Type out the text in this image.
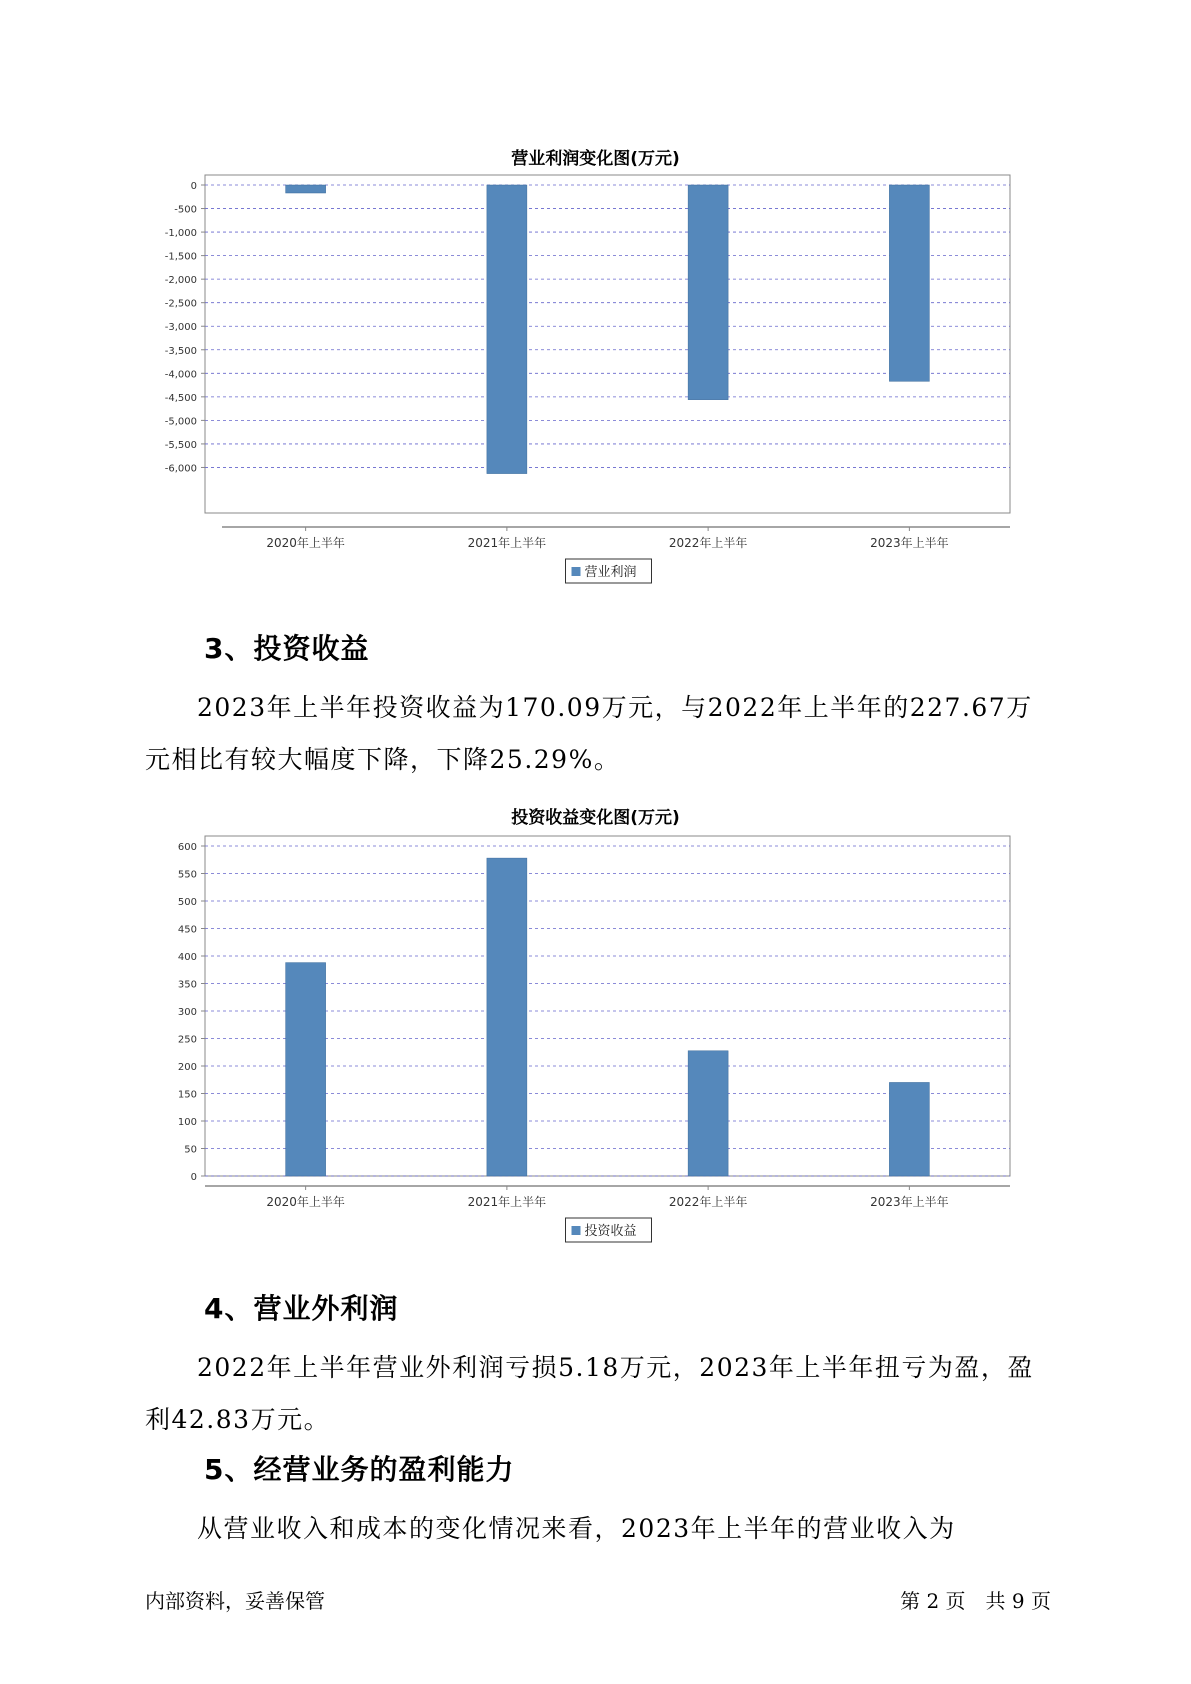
营业利润变化图(万元)
0
-500
-1,000
-1,500
-2,000
-2,500
-3,000
-3,500
-4,000
-4,500
-5,000
-5,500
-6,000
2020年上半年	2021年上半年	2022年上半年	2023年上半年
营业利润
3、投资收益

2023年上半年投资收益为170.09万元，与2022年上半年的227.67万元相比有较大幅度下降，下降25.29%。

投资收益变化图(万元)
0
50
100
150
200
250
300
350
400
450
500
550
600
2020年上半年	2021年上半年	2022年上半年	2023年上半年
投资收益
4、营业外利润

2022年上半年营业外利润亏损5.18万元，2023年上半年扭亏为盈，盈利42.83万元。

5、经营业务的盈利能力

从营业收入和成本的变化情况来看，2023年上半年的营业收入为

内部资料，妥善保管	第 2 页　共 9 页
